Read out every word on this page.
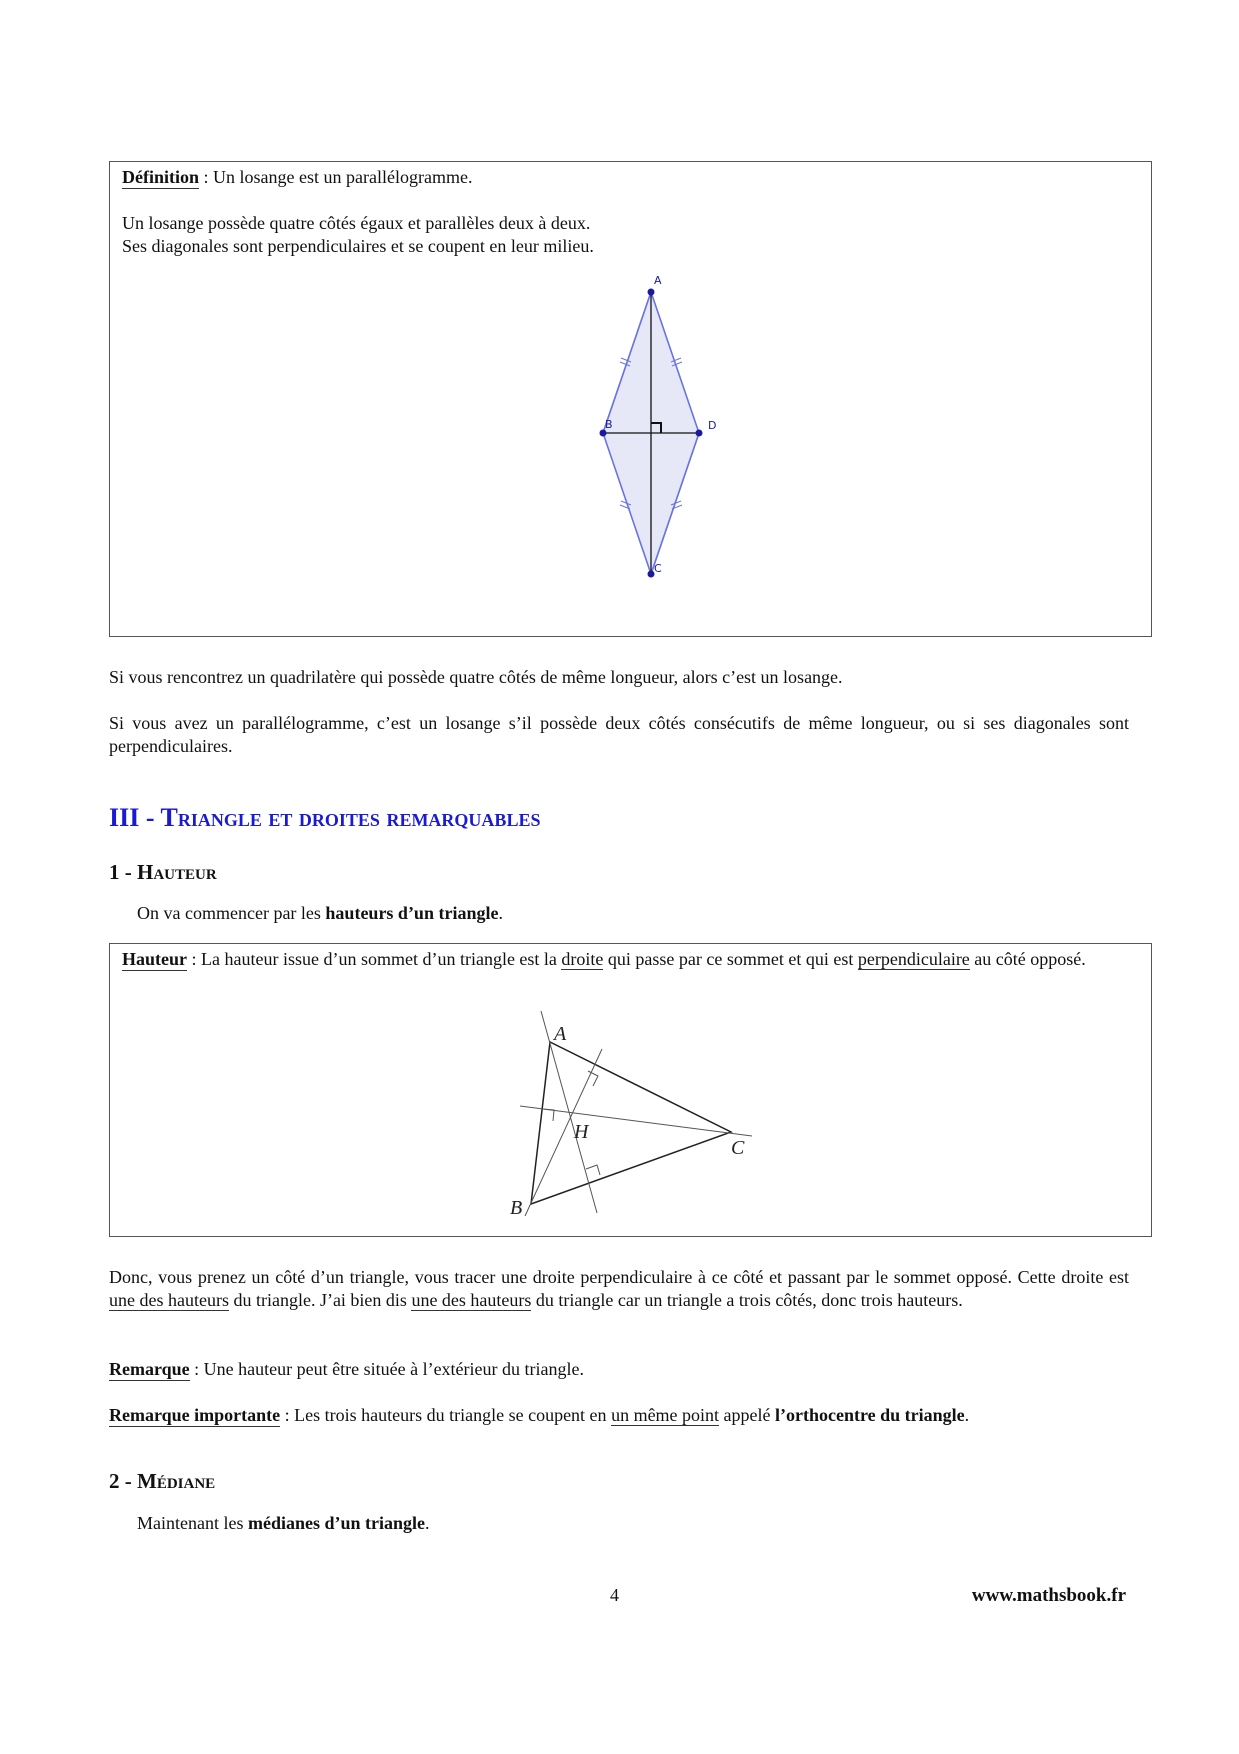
Définition : Un losange est un parallélogramme.

Un losange possède quatre côtés égaux et parallèles deux à deux.

Ses diagonales sont perpendiculaires et se coupent en leur milieu.

A
B
C
D

Si vous rencontrez un quadrilatère qui possède quatre côtés de même longueur, alors c’est un losange.

Si vous avez un parallélogramme, c’est un losange s’il possède deux côtés consécutifs de même longueur, ou si ses diagonales sont perpendiculaires.

III - Triangle et droites remarquables
1 - Hauteur

On va commencer par les hauteurs d’un triangle.

Hauteur : La hauteur issue d’un sommet d’un triangle est la droite qui passe par ce sommet et qui est perpendiculaire au côté opposé.

A
B
C
H

Donc, vous prenez un côté d’un triangle, vous tracer une droite perpendiculaire à ce côté et passant par le sommet opposé. Cette droite est une des hauteurs du triangle. J’ai bien dis une des hauteurs du triangle car un triangle a trois côtés, donc trois hauteurs.

Remarque : Une hauteur peut être située à l’extérieur du triangle.

Remarque importante : Les trois hauteurs du triangle se coupent en un même point appelé l’orthocentre du triangle.

2 - Médiane

Maintenant les médianes d’un triangle.

4	www.mathsbook.fr
